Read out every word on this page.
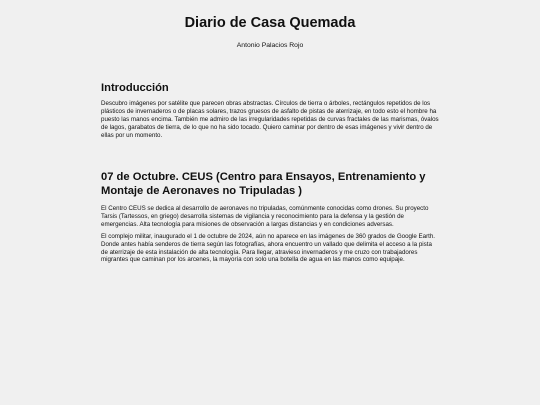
Diario de Casa Quemada
Antonio Palacios Rojo
Introducción

Descubro imágenes por satélite que parecen obras abstractas. Círculos de tierra o árboles, rectángulos repetidos de los plásticos de invernaderos o de placas solares, trazos gruesos de asfalto de pistas de aterrizaje, en todo esto el hombre ha puesto las manos encima. También me admiro de las irregularidades repetidas de curvas fractales de las marismas, óvalos de lagos, garabatos de tierra, de lo que no ha sido tocado. Quiero caminar por dentro de esas imágenes y vivir dentro de ellas por un momento.

07 de Octubre. CEUS (Centro para Ensayos, Entrenamiento y Montaje de Aeronaves no Tripuladas )

El Centro CEUS se dedica al desarrollo de aeronaves no tripuladas, comúnmente conocidas como drones. Su proyecto Tarsis (Tartessos, en griego) desarrolla sistemas de vigilancia y reconocimiento para la defensa y la gestión de emergencias. Alta tecnología para misiones de observación a largas distancias y en condiciones adversas.

El complejo militar, inaugurado el 1 de octubre de 2024, aún no aparece en las imágenes de 360 grados de Google Earth. Donde antes había senderos de tierra según las fotografías, ahora encuentro un vallado que delimita el acceso a la pista de aterrizaje de esta instalación de alta tecnología. Para llegar, atravieso invernaderos y me cruzo con trabajadores migrantes que caminan por los arcenes, la mayoría con solo una botella de agua en las manos como equipaje.
